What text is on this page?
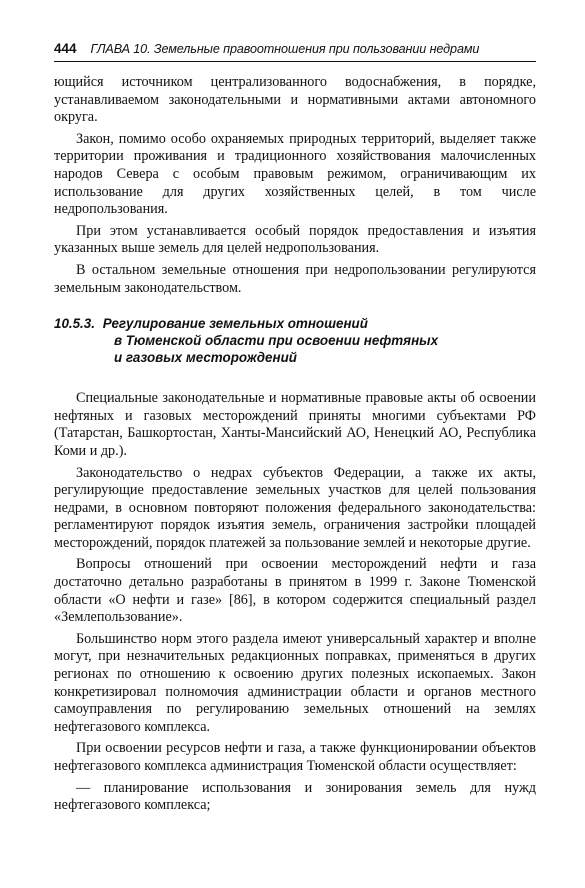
444 ГЛАВА 10. Земельные правоотношения при пользовании недрами

ющийся источником централизованного водоснабжения, в порядке, устанавливаемом законодательными и нормативными актами автономного округа.

Закон, помимо особо охраняемых природных территорий, выделяет также территории проживания и традиционного хозяйствования малочисленных народов Севера с особым правовым режимом, ограничивающим их использование для других хозяйственных целей, в том числе недропользования.

При этом устанавливается особый порядок предоставления и изъятия указанных выше земель для целей недропользования.

В остальном земельные отношения при недропользовании регулируются земельным законодательством.

10.5.3. Регулирование земельных отношений
в Тюменской области при освоении нефтяных
и газовых месторождений

Специальные законодательные и нормативные правовые акты об освоении нефтяных и газовых месторождений приняты многими субъектами РФ (Татарстан, Башкортостан, Ханты-Мансийский АО, Ненецкий АО, Республика Коми и др.).

Законодательство о недрах субъектов Федерации, а также их акты, регулирующие предоставление земельных участков для целей пользования недрами, в основном повторяют положения федерального законодательства: регламентируют порядок изъятия земель, ограничения застройки площадей месторождений, порядок платежей за пользование землей и некоторые другие.

Вопросы отношений при освоении месторождений нефти и газа достаточно детально разработаны в принятом в 1999 г. Законе Тюменской области «О нефти и газе» [86], в котором содержится специальный раздел «Землепользование».

Большинство норм этого раздела имеют универсальный характер и вполне могут, при незначительных редакционных поправках, применяться в других регионах по отношению к освоению других полезных ископаемых. Закон конкретизировал полномочия администрации области и органов местного самоуправления по регулированию земельных отношений на землях нефтегазового комплекса.

При освоении ресурсов нефти и газа, а также функционировании объектов нефтегазового комплекса администрация Тюменской области осуществляет:

— планирование использования и зонирования земель для нужд нефтегазового комплекса;
